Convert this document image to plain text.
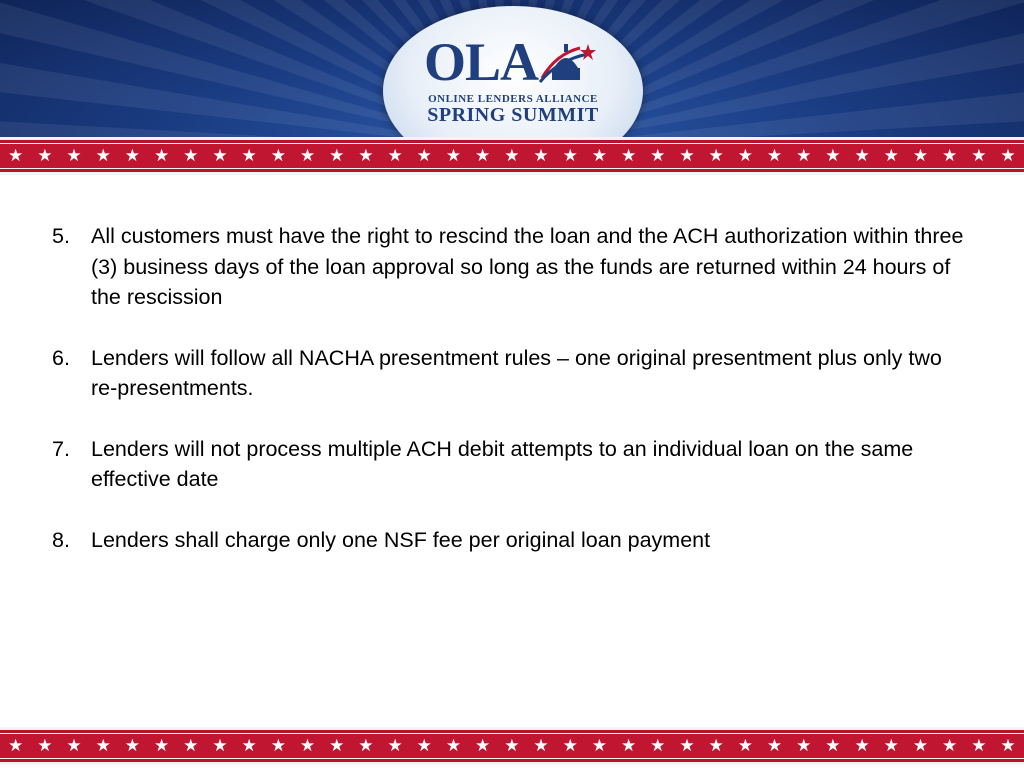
OLA
ONLINE LENDERS ALLIANCE
SPRING SUMMIT
★ ★ ★ ★ ★ ★ ★ ★ ★ ★ ★ ★ ★ ★ ★ ★ ★ ★ ★ ★ ★ ★ ★ ★ ★ ★ ★ ★ ★ ★ ★ ★ ★ ★ ★
5. All customers must have the right to rescind the loan and the ACH authorization within three (3) business days of the loan approval so long as the funds are returned within 24 hours of the rescission
6. Lenders will follow all NACHA presentment rules – one original presentment plus only two re-presentments.
7. Lenders will not process multiple ACH debit attempts to an individual loan on the same effective date
8. Lenders shall charge only one NSF fee per original loan payment
★ ★ ★ ★ ★ ★ ★ ★ ★ ★ ★ ★ ★ ★ ★ ★ ★ ★ ★ ★ ★ ★ ★ ★ ★ ★ ★ ★ ★ ★ ★ ★ ★ ★ ★
